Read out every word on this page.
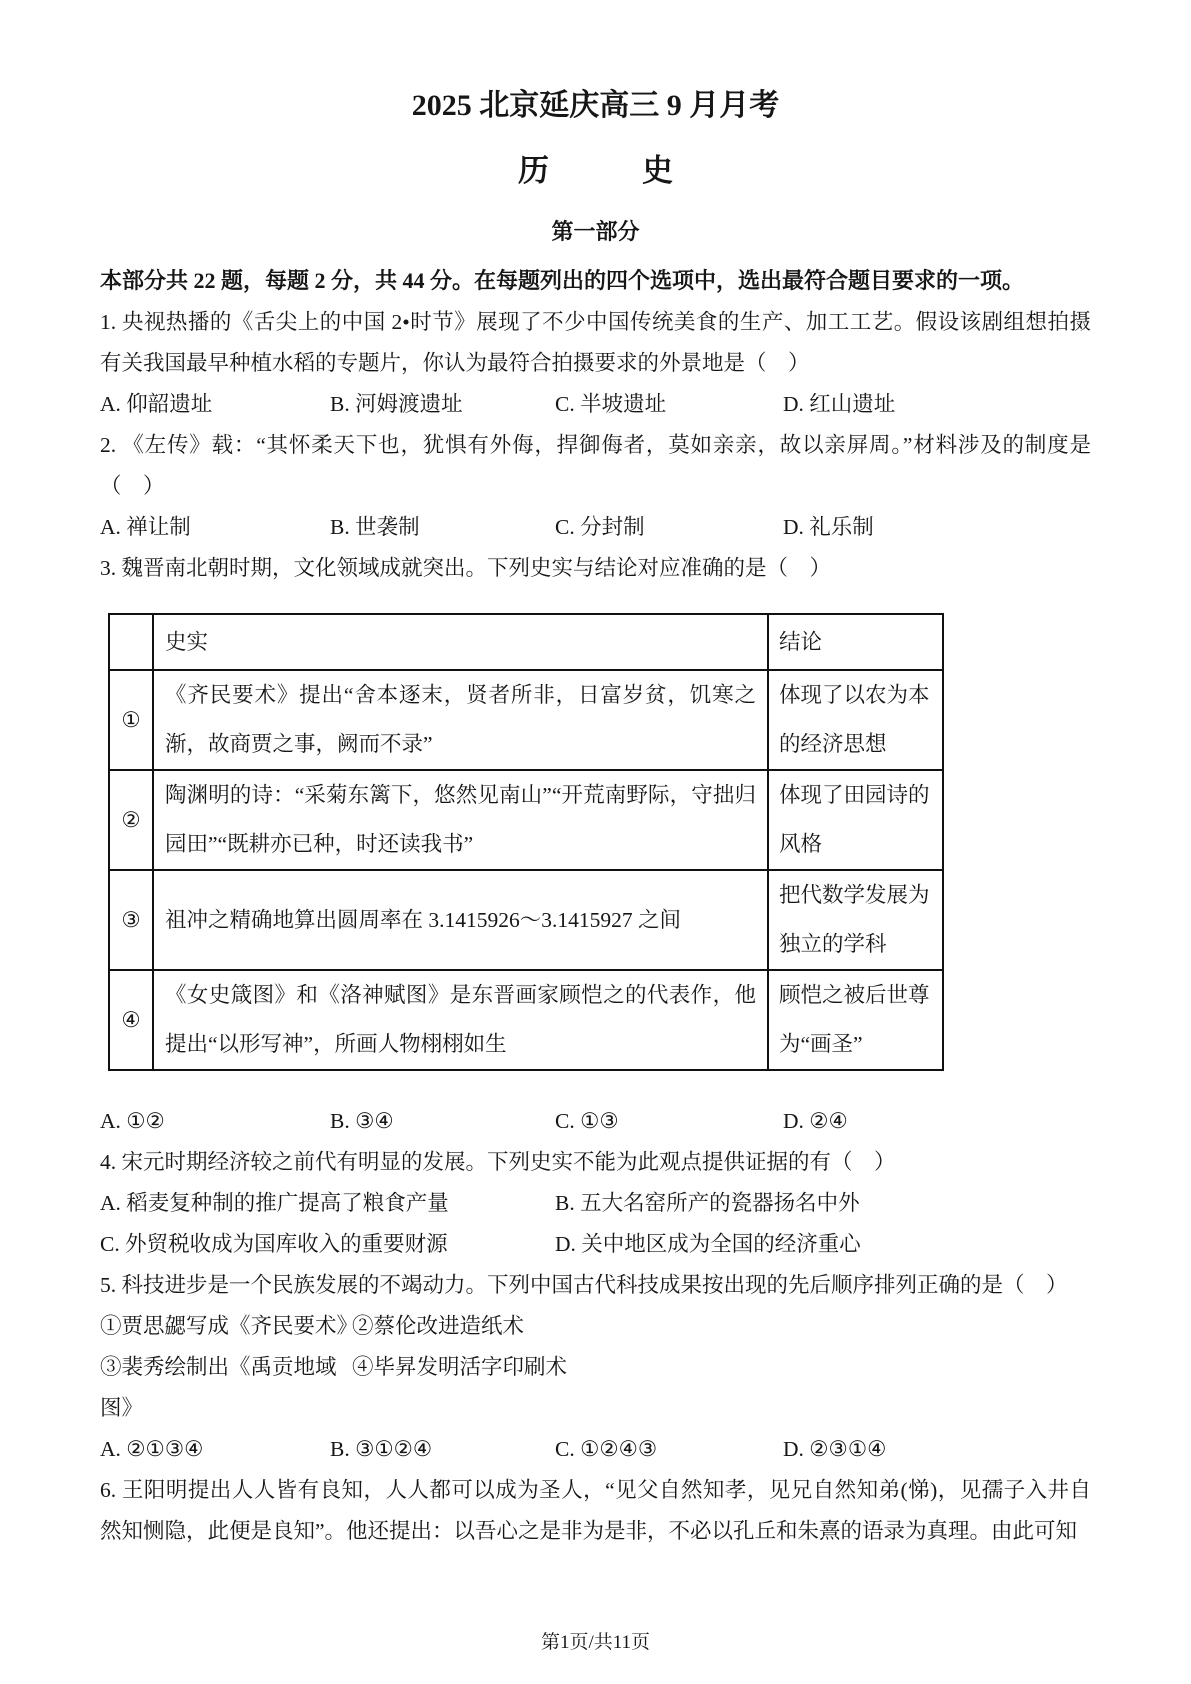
2025 北京延庆高三 9 月月考
历　　　史
第一部分
本部分共 22 题，每题 2 分，共 44 分。在每题列出的四个选项中，选出最符合题目要求的一项。
1. 央视热播的《舌尖上的中国 2•时节》展现了不少中国传统美食的生产、加工工艺。假设该剧组想拍摄有关我国最早种植水稻的专题片，你认为最符合拍摄要求的外景地是（　）
A. 仰韶遗址	B. 河姆渡遗址	C. 半坡遗址	D. 红山遗址
2. 《左传》载：“其怀柔天下也，犹惧有外侮，捍御侮者，莫如亲亲，故以亲屏周。”材料涉及的制度是（　）
A. 禅让制	B. 世袭制	C. 分封制	D. 礼乐制
3. 魏晋南北朝时期，文化领域成就突出。下列史实与结论对应准确的是（　）
	史实	结论
①	《齐民要术》提出“舍本逐末，贤者所非，日富岁贫，饥寒之渐，故商贾之事，阙而不录”	体现了以农为本的经济思想
②	陶渊明的诗：“采菊东篱下，悠然见南山”“开荒南野际，守拙归园田”“既耕亦已种，时还读我书”	体现了田园诗的风格
③	祖冲之精确地算出圆周率在 3.1415926～3.1415927 之间	把代数学发展为独立的学科
④	《女史箴图》和《洛神赋图》是东晋画家顾恺之的代表作，他提出“以形写神”，所画人物栩栩如生	顾恺之被后世尊为“画圣”
A. ①②	B. ③④	C. ①③	D. ②④
4. 宋元时期经济较之前代有明显的发展。下列史实不能为此观点提供证据的有（　）
A. 稻麦复种制的推广提高了粮食产量	B. 五大名窑所产的瓷器扬名中外
C. 外贸税收成为国库收入的重要财源	D. 关中地区成为全国的经济重心
5. 科技进步是一个民族发展的不竭动力。下列中国古代科技成果按出现的先后顺序排列正确的是（　）
①贾思勰写成《齐民要术》
②蔡伦改进造纸术
③裴秀绘制出《禹贡地域图》
④毕昇发明活字印刷术
A. ②①③④	B. ③①②④	C. ①②④③	D. ②③①④
6. 王阳明提出人人皆有良知，人人都可以成为圣人，“见父自然知孝，见兄自然知弟(悌)，见孺子入井自然知恻隐，此便是良知”。他还提出：以吾心之是非为是非，不必以孔丘和朱熹的语录为真理。由此可知
第1页/共11页
